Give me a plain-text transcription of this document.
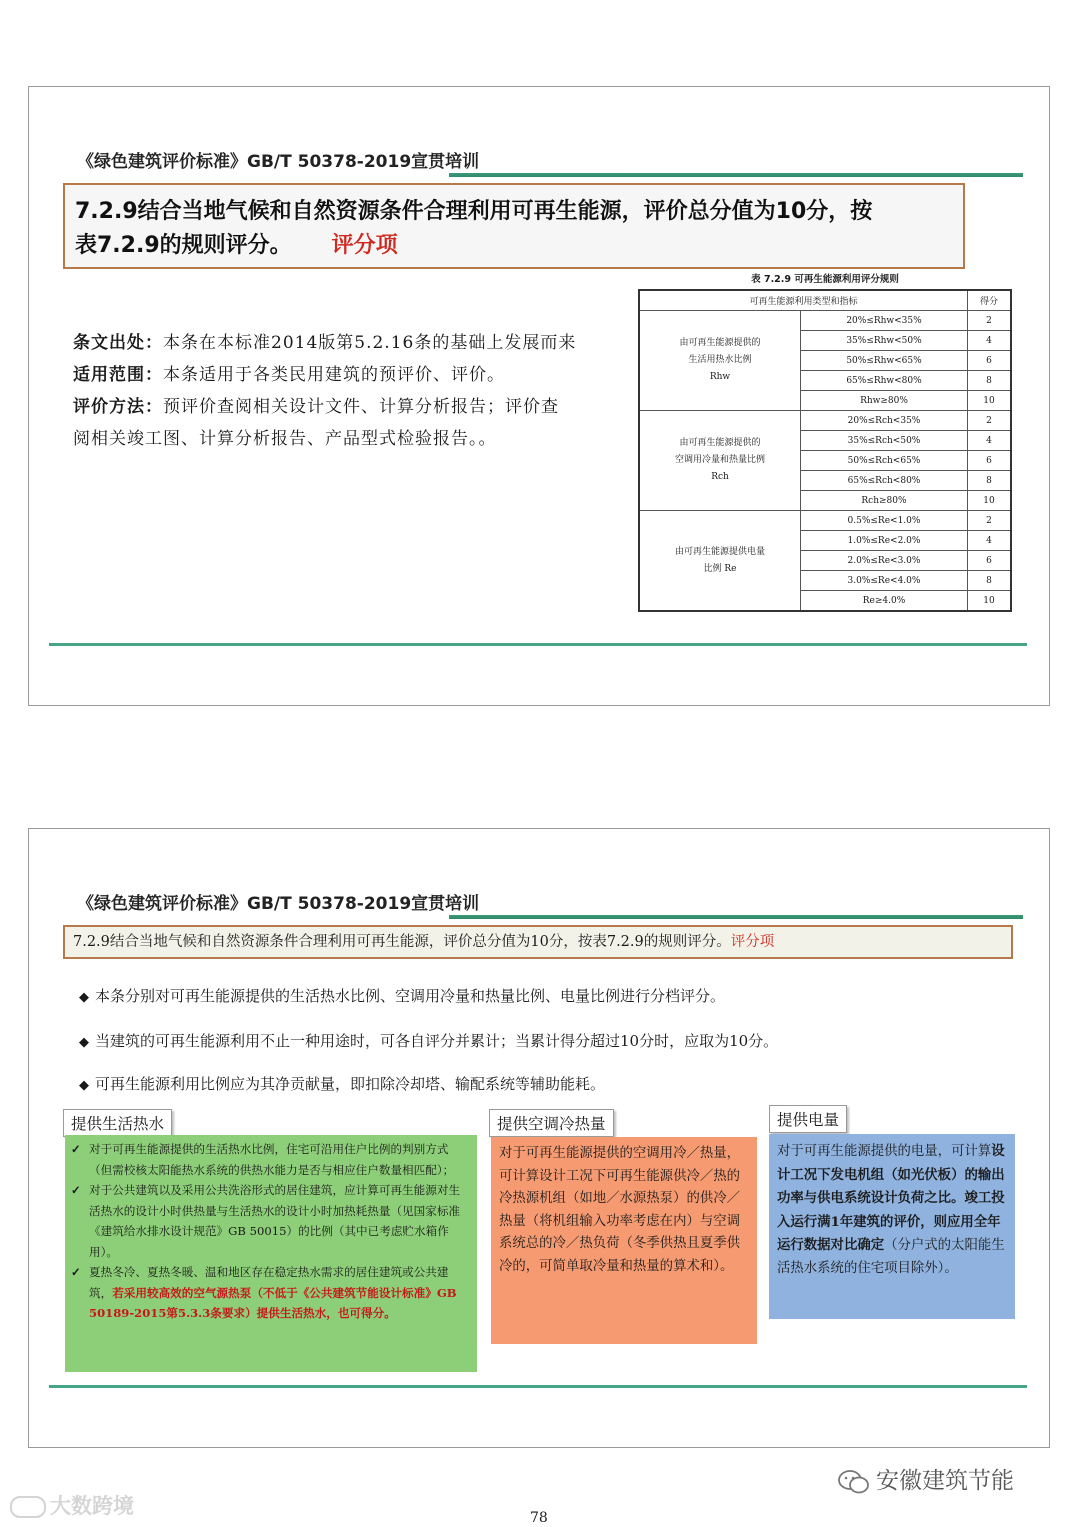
《绿色建筑评价标准》GB/T 50378-2019宣贯培训
7.2.9结合当地气候和自然资源条件合理利用可再生能源，评价总分值为10分，按
表7.2.9的规则评分。 评分项
条文出处：本条在本标准2014版第5.2.16条的基础上发展而来
适用范围：本条适用于各类民用建筑的预评价、评价。
评价方法：预评价查阅相关设计文件、计算分析报告；评价查
阅相关竣工图、计算分析报告、产品型式检验报告。。
表 7.2.9 可再生能源利用评分规则
可再生能源利用类型和指标		得分

由可再生能源提供的
生活用热水比例
Rhw	20%≤Rhw<35%	2
	35%≤Rhw<50%	4
	50%≤Rhw<65%	6
	65%≤Rhw<80%	8
	Rhw≥80%	10

由可再生能源提供的
空调用冷量和热量比例
Rch	20%≤Rch<35%	2
	35%≤Rch<50%	4
	50%≤Rch<65%	6
	65%≤Rch<80%	8
	Rch≥80%	10

由可再生能源提供电量
比例 Re	0.5%≤Re<1.0%	2
	1.0%≤Re<2.0%	4
	2.0%≤Re<3.0%	6
	3.0%≤Re<4.0%	8
	Re≥4.0%	10
《绿色建筑评价标准》GB/T 50378-2019宣贯培训
7.2.9结合当地气候和自然资源条件合理利用可再生能源，评价总分值为10分，按表7.2.9的规则评分。评分项
◆ 本条分别对可再生能源提供的生活热水比例、空调用冷量和热量比例、电量比例进行分档评分。
◆ 当建筑的可再生能源利用不止一种用途时，可各自评分并累计；当累计得分超过10分时，应取为10分。
◆ 可再生能源利用比例应为其净贡献量，即扣除冷却塔、输配系统等辅助能耗。
提供生活热水	提供空调冷热量	提供电量
✓ 对于可再生能源提供的生活热水比例，住宅可沿用住户比例的判别方式（但需校核太阳能热水系统的供热水能力是否与相应住户数量相匹配）；
✓ 对于公共建筑以及采用公共洗浴形式的居住建筑，应计算可再生能源对生活热水的设计小时供热量与生活热水的设计小时加热耗热量（见国家标准《建筑给水排水设计规范》GB 50015）的比例（其中已考虑贮水箱作用）。
✓ 夏热冬冷、夏热冬暖、温和地区存在稳定热水需求的居住建筑或公共建筑，若采用较高效的空气源热泵（不低于《公共建筑节能设计标准》GB 50189-2015第5.3.3条要求）提供生活热水，也可得分。
对于可再生能源提供的空调用冷／热量，可计算设计工况下可再生能源供冷／热的冷热源机组（如地／水源热泵）的供冷／热量（将机组输入功率考虑在内）与空调系统总的冷／热负荷（冬季供热且夏季供冷的，可简单取冷量和热量的算术和）。
对于可再生能源提供的电量，可计算设计工况下发电机组（如光伏板）的输出功率与供电系统设计负荷之比。竣工投入运行满1年建筑的评价，则应用全年运行数据对比确定（分户式的太阳能生活热水系统的住宅项目除外）。
安徽建筑节能
大数跨境	78
